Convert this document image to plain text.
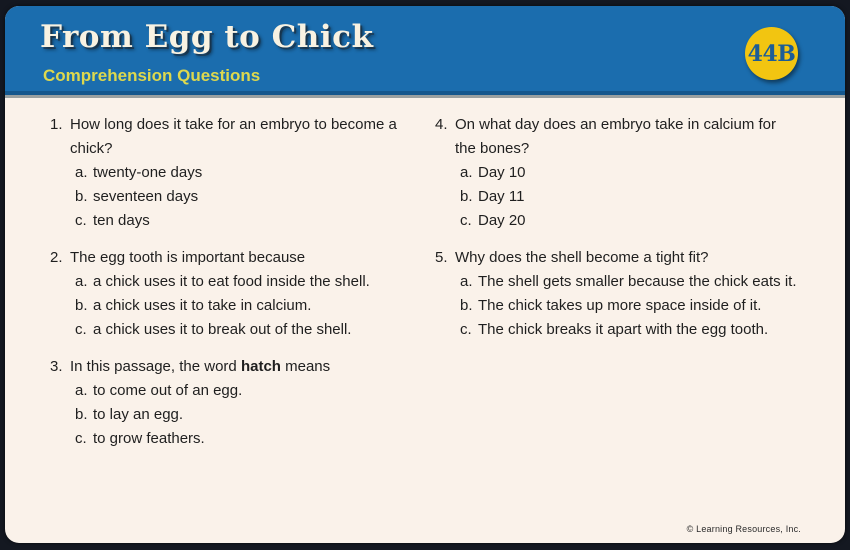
From Egg to Chick
Comprehension Questions
44B
1. How long does it take for an embryo to become a chick?
a. twenty-one days
b. seventeen days
c. ten days
2. The egg tooth is important because
a. a chick uses it to eat food inside the shell.
b. a chick uses it to take in calcium.
c. a chick uses it to break out of the shell.
3. In this passage, the word hatch means
a. to come out of an egg.
b. to lay an egg.
c. to grow feathers.
4. On what day does an embryo take in calcium for the bones?
a. Day 10
b. Day 11
c. Day 20
5. Why does the shell become a tight fit?
a. The shell gets smaller because the chick eats it.
b. The chick takes up more space inside of it.
c. The chick breaks it apart with the egg tooth.
© Learning Resources, Inc.
